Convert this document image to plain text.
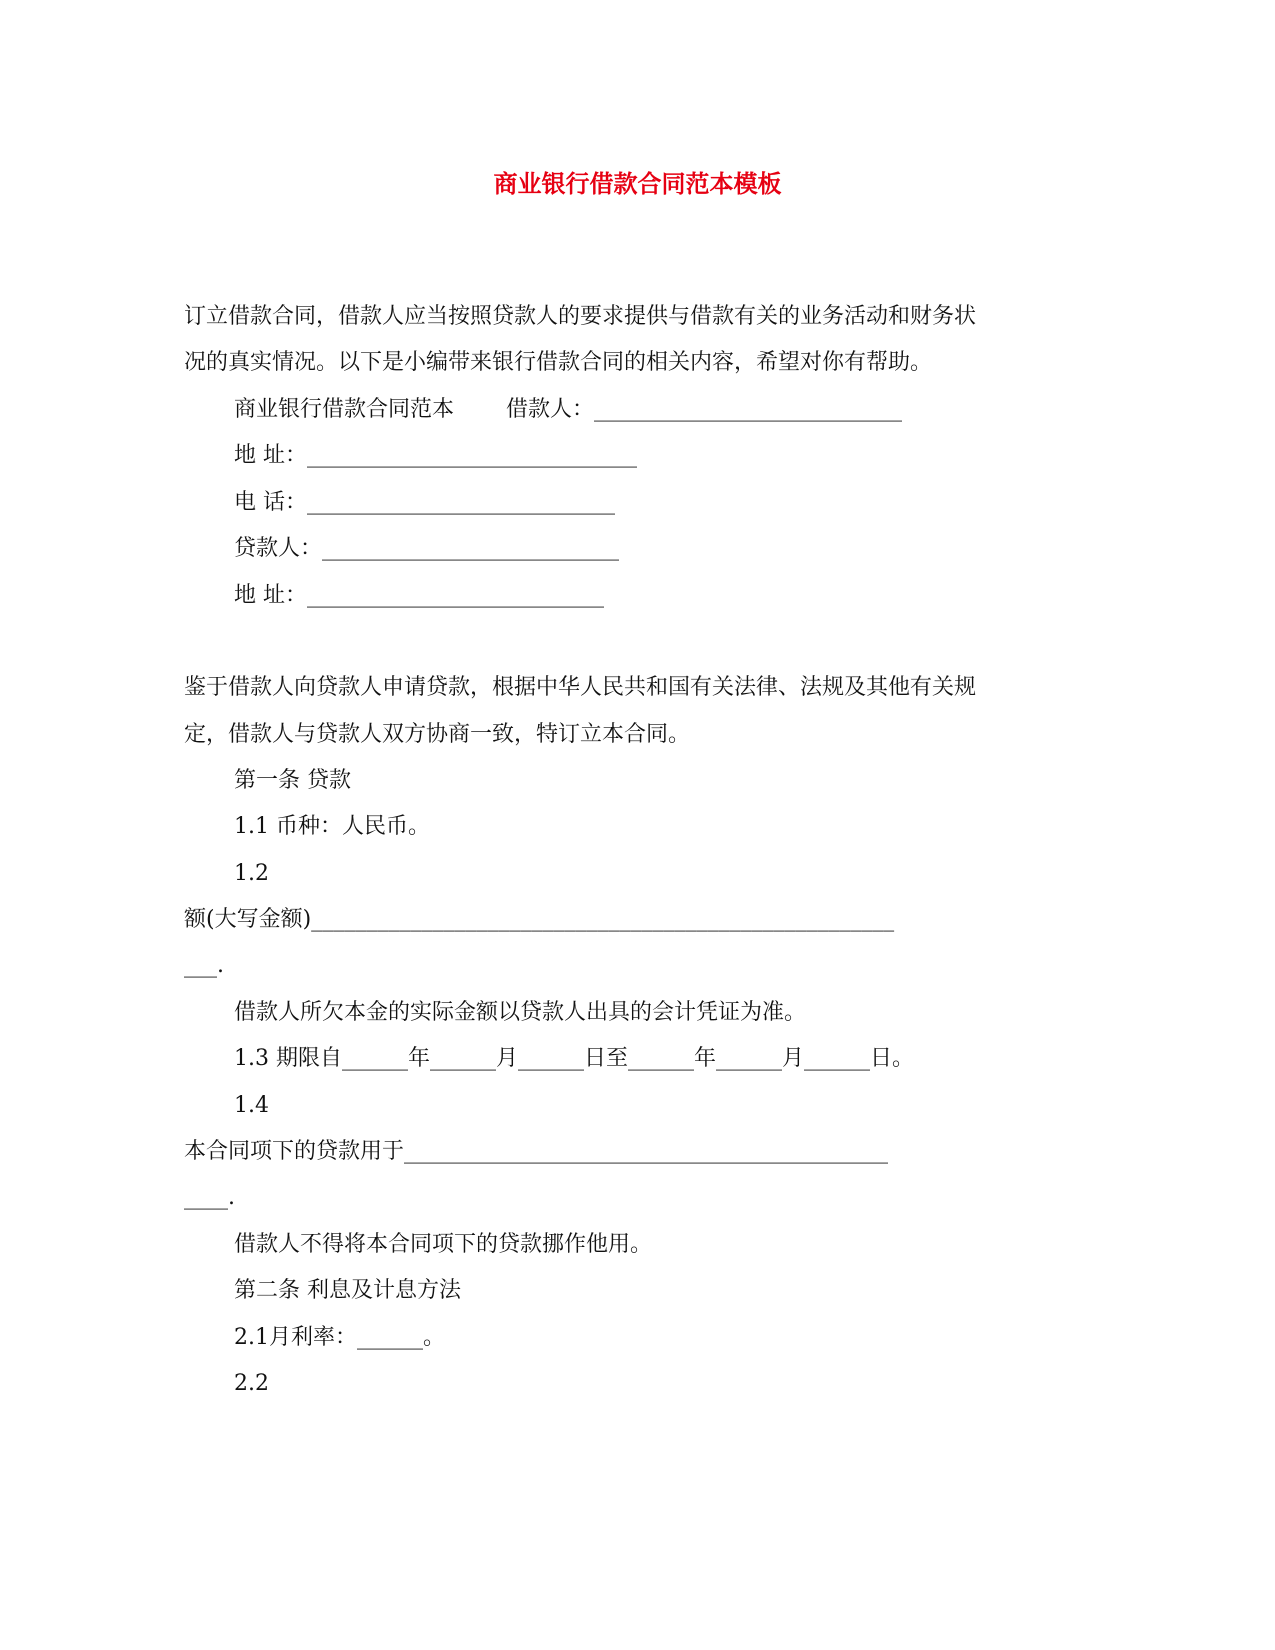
商业银行借款合同范本模板
订立借款合同，借款人应当按照贷款人的要求提供与借款有关的业务活动和财务状
况的真实情况。以下是小编带来银行借款合同的相关内容，希望对你有帮助。
商业银行借款合同范本 借款人：____________________________
地 址：______________________________
电 话：____________________________
贷款人：___________________________
地 址：___________________________
鉴于借款人向贷款人申请贷款，根据中华人民共和国有关法律、法规及其他有关规
定，借款人与贷款人双方协商一致，特订立本合同。
第一条 贷款
1.1 币种：人民币。
1.2
额(大写金额)_____________________________________________________
___.
借款人所欠本金的实际金额以贷款人出具的会计凭证为准。
1.3 期限自______年______月______日至______年______月______日。
1.4
本合同项下的贷款用于____________________________________________
____.
借款人不得将本合同项下的贷款挪作他用。
第二条 利息及计息方法
2.1月利率：______。
2.2
